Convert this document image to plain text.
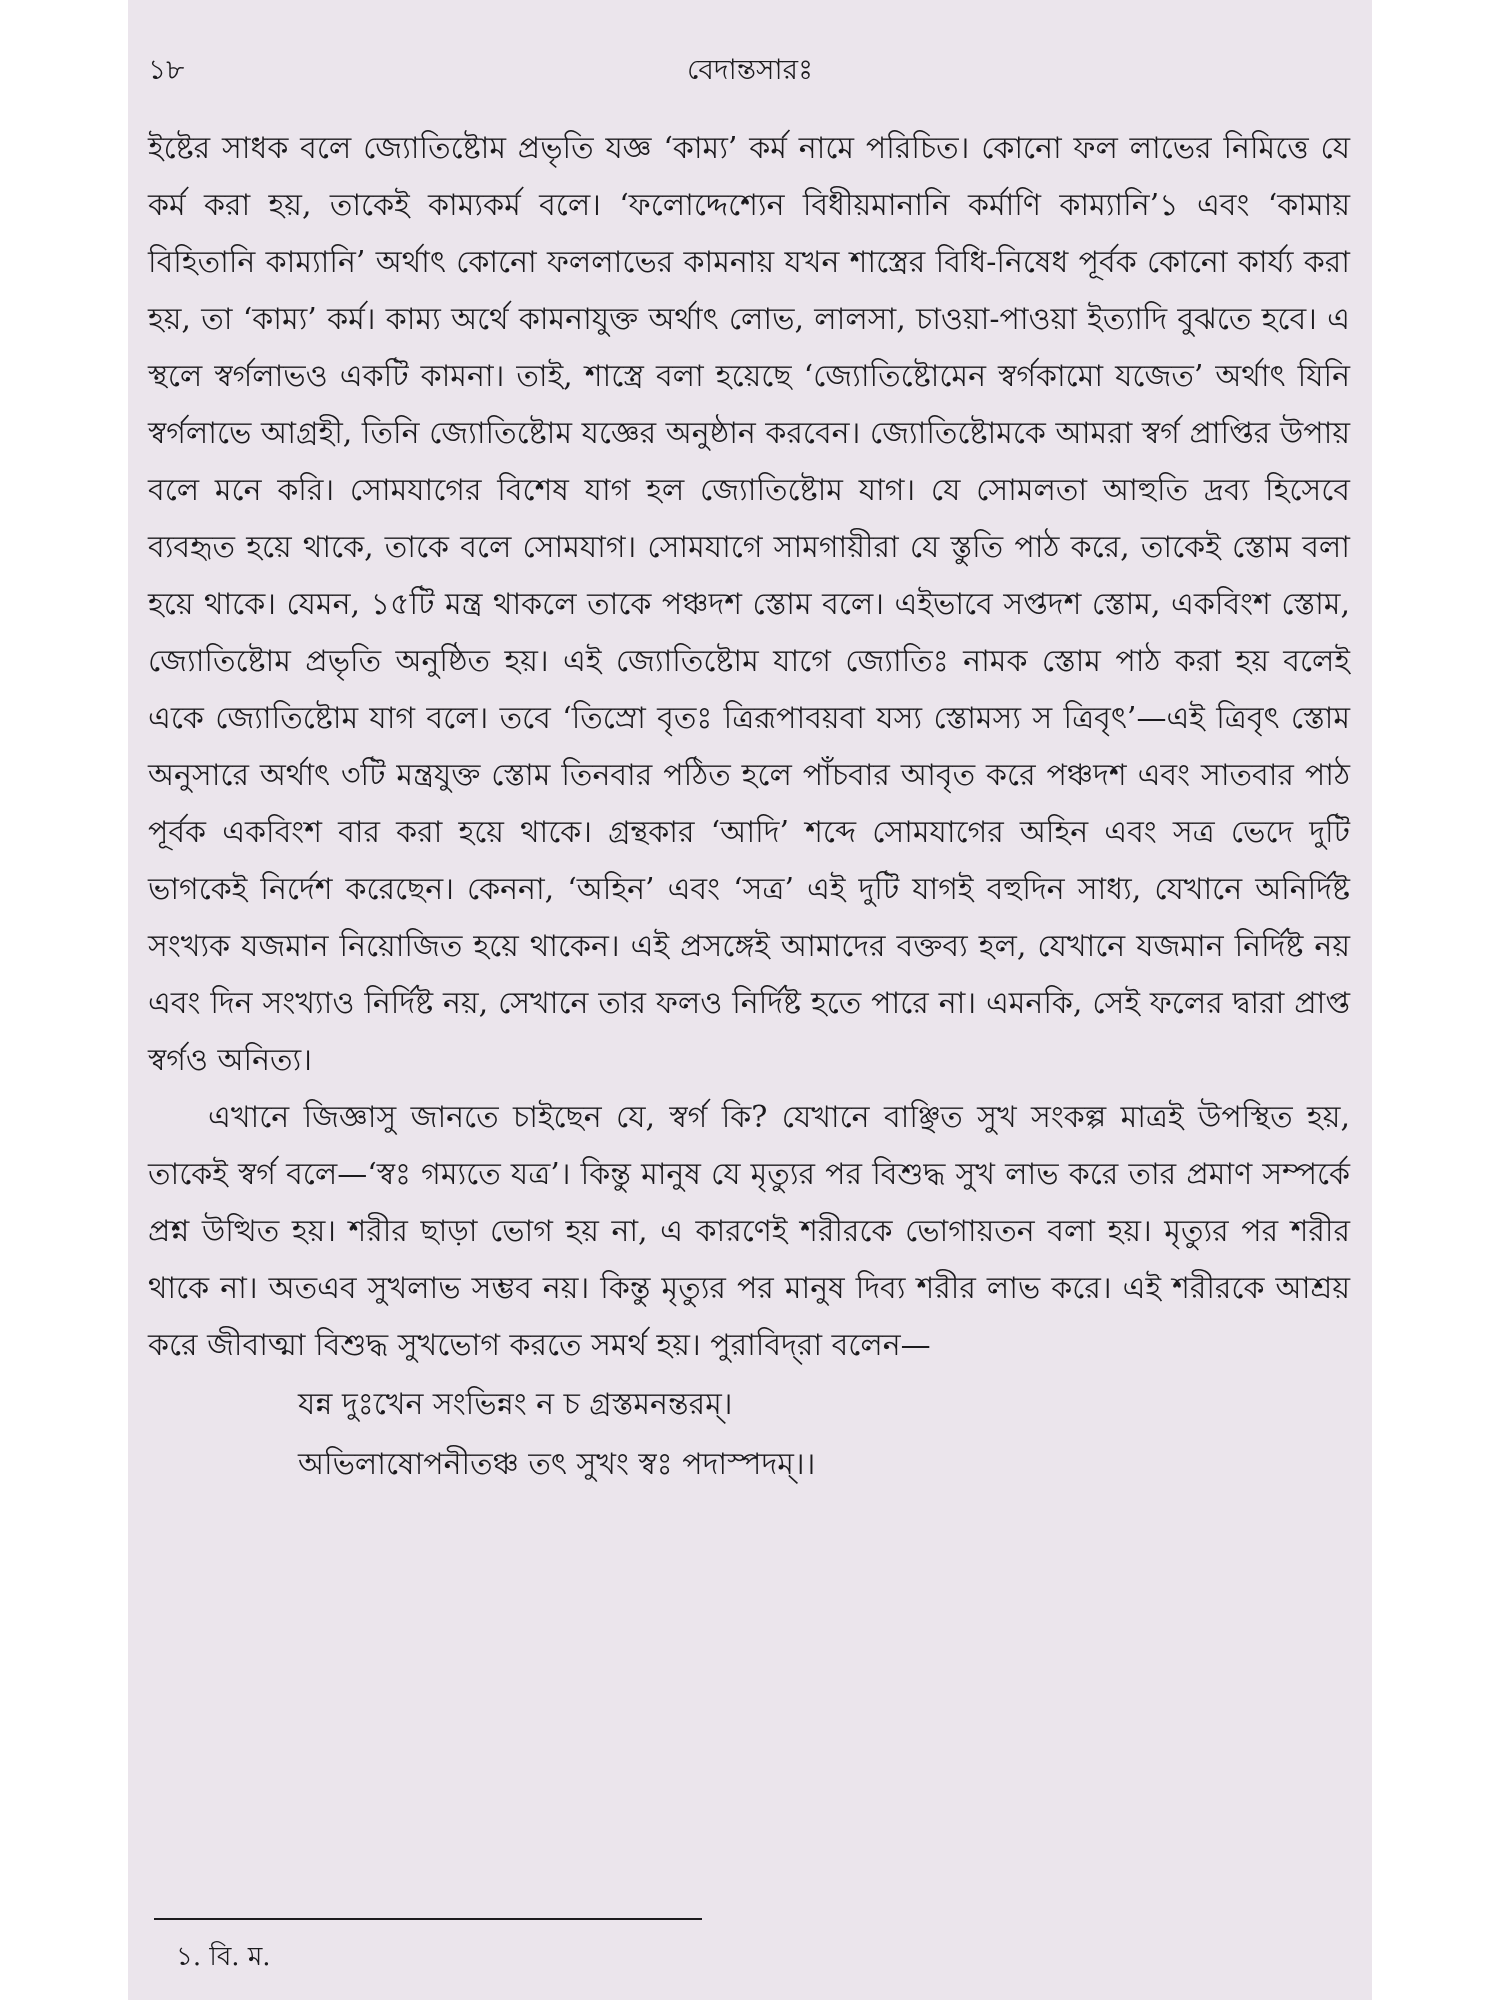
১৮	বেদান্তসারঃ

ইষ্টের সাধক বলে জ্যোতিষ্টোম প্রভৃতি যজ্ঞ ‘কাম্য’ কর্ম নামে পরিচিত। কোনো ফল লাভের নিমিত্তে যে কর্ম করা হয়, তাকেই কাম্যকর্ম বলে। ‘ফলোদ্দেশ্যেন বিধীয়মানানি কর্মাণি কাম্যানি’১ এবং ‘কামায় বিহিতানি কাম্যানি’ অর্থাৎ কোনো ফললাভের কামনায় যখন শাস্ত্রের বিধি-নিষেধ পূর্বক কোনো কার্য্য করা হয়, তা ‘কাম্য’ কর্ম। কাম্য অর্থে কামনাযুক্ত অর্থাৎ লোভ, লালসা, চাওয়া-পাওয়া ইত্যাদি বুঝতে হবে। এ স্থলে স্বর্গলাভও একটি কামনা। তাই, শাস্ত্রে বলা হয়েছে ‘জ্যোতিষ্টোমেন স্বর্গকামো যজেত’ অর্থাৎ যিনি স্বর্গলাভে আগ্রহী, তিনি জ্যোতিষ্টোম যজ্ঞের অনুষ্ঠান করবেন। জ্যোতিষ্টোমকে আমরা স্বর্গ প্রাপ্তির উপায় বলে মনে করি। সোমযাগের বিশেষ যাগ হল জ্যোতিষ্টোম যাগ। যে সোমলতা আহুতি দ্রব্য হিসেবে ব্যবহৃত হয়ে থাকে, তাকে বলে সোমযাগ। সোমযাগে সামগায়ীরা যে স্তুতি পাঠ করে, তাকেই স্তোম বলা হয়ে থাকে। যেমন, ১৫টি মন্ত্র থাকলে তাকে পঞ্চদশ স্তোম বলে। এইভাবে সপ্তদশ স্তোম, একবিংশ স্তোম, জ্যোতিষ্টোম প্রভৃতি অনুষ্ঠিত হয়। এই জ্যোতিষ্টোম যাগে জ্যোতিঃ নামক স্তোম পাঠ করা হয় বলেই একে জ্যোতিষ্টোম যাগ বলে। তবে ‘তিস্রো বৃতঃ ত্রিরূপাবয়বা যস্য স্তোমস্য স ত্রিবৃৎ’—এই ত্রিবৃৎ স্তোম অনুসারে অর্থাৎ ৩টি মন্ত্রযুক্ত স্তোম তিনবার পঠিত হলে পাঁচবার আবৃত করে পঞ্চদশ এবং সাতবার পাঠ পূর্বক একবিংশ বার করা হয়ে থাকে। গ্রন্থকার ‘আদি’ শব্দে সোমযাগের অহিন এবং সত্র ভেদে দুটি ভাগকেই নির্দেশ করেছেন। কেননা, ‘অহিন’ এবং ‘সত্র’ এই দুটি যাগই বহুদিন সাধ্য, যেখানে অনির্দিষ্ট সংখ্যক যজমান নিয়োজিত হয়ে থাকেন। এই প্রসঙ্গেই আমাদের বক্তব্য হল, যেখানে যজমান নির্দিষ্ট নয় এবং দিন সংখ্যাও নির্দিষ্ট নয়, সেখানে তার ফলও নির্দিষ্ট হতে পারে না। এমনকি, সেই ফলের দ্বারা প্রাপ্ত স্বর্গও অনিত্য।

এখানে জিজ্ঞাসু জানতে চাইছেন যে, স্বর্গ কি? যেখানে বাঞ্ছিত সুখ সংকল্প মাত্রই উপস্থিত হয়, তাকেই স্বর্গ বলে—‘স্বঃ গম্যতে যত্র’। কিন্তু মানুষ যে মৃত্যুর পর বিশুদ্ধ সুখ লাভ করে তার প্রমাণ সম্পর্কে প্রশ্ন উত্থিত হয়। শরীর ছাড়া ভোগ হয় না, এ কারণেই শরীরকে ভোগায়তন বলা হয়। মৃত্যুর পর শরীর থাকে না। অতএব সুখলাভ সম্ভব নয়। কিন্তু মৃত্যুর পর মানুষ দিব্য শরীর লাভ করে। এই শরীরকে আশ্রয় করে জীবাত্মা বিশুদ্ধ সুখভোগ করতে সমর্থ হয়। পুরাবিদ্‌রা বলেন—

যন্ন দুঃখেন সংভিন্নং ন চ গ্রস্তমনন্তরম্।
অভিলাষোপনীতঞ্চ তৎ সুখং স্বঃ পদাস্পদম্।।
১. বি. ম.
